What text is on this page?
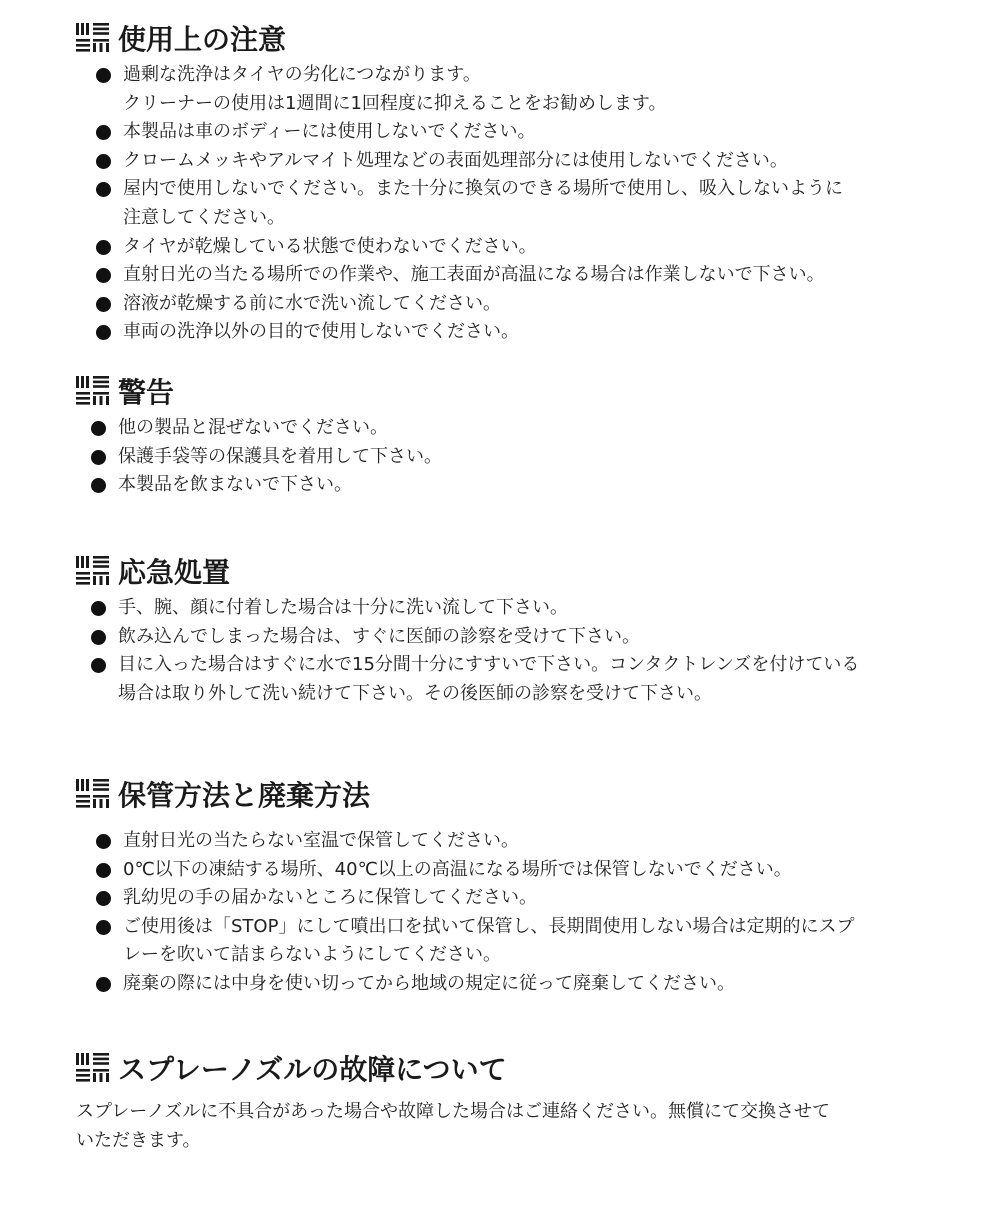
使用上の注意
過剰な洗浄はタイヤの劣化につながります。
クリーナーの使用は1週間に1回程度に抑えることをお勧めします。
本製品は車のボディーには使用しないでください。
クロームメッキやアルマイト処理などの表面処理部分には使用しないでください。
屋内で使用しないでください。また十分に換気のできる場所で使用し、吸入しないように
注意してください。
タイヤが乾燥している状態で使わないでください。
直射日光の当たる場所での作業や、施工表面が高温になる場合は作業しないで下さい。
溶液が乾燥する前に水で洗い流してください。
車両の洗浄以外の目的で使用しないでください。
警告
他の製品と混ぜないでください。
保護手袋等の保護具を着用して下さい。
本製品を飲まないで下さい。
応急処置
手、腕、顔に付着した場合は十分に洗い流して下さい。
飲み込んでしまった場合は、すぐに医師の診察を受けて下さい。
目に入った場合はすぐに水で15分間十分にすすいで下さい。コンタクトレンズを付けている
場合は取り外して洗い続けて下さい。その後医師の診察を受けて下さい。
保管方法と廃棄方法
直射日光の当たらない室温で保管してください。
0℃以下の凍結する場所、40℃以上の高温になる場所では保管しないでください。
乳幼児の手の届かないところに保管してください。
ご使用後は「STOP」にして噴出口を拭いて保管し、長期間使用しない場合は定期的にスプ
レーを吹いて詰まらないようにしてください。
廃棄の際には中身を使い切ってから地域の規定に従って廃棄してください。
スプレーノズルの故障について
スプレーノズルに不具合があった場合や故障した場合はご連絡ください。無償にて交換させて
いただきます。
